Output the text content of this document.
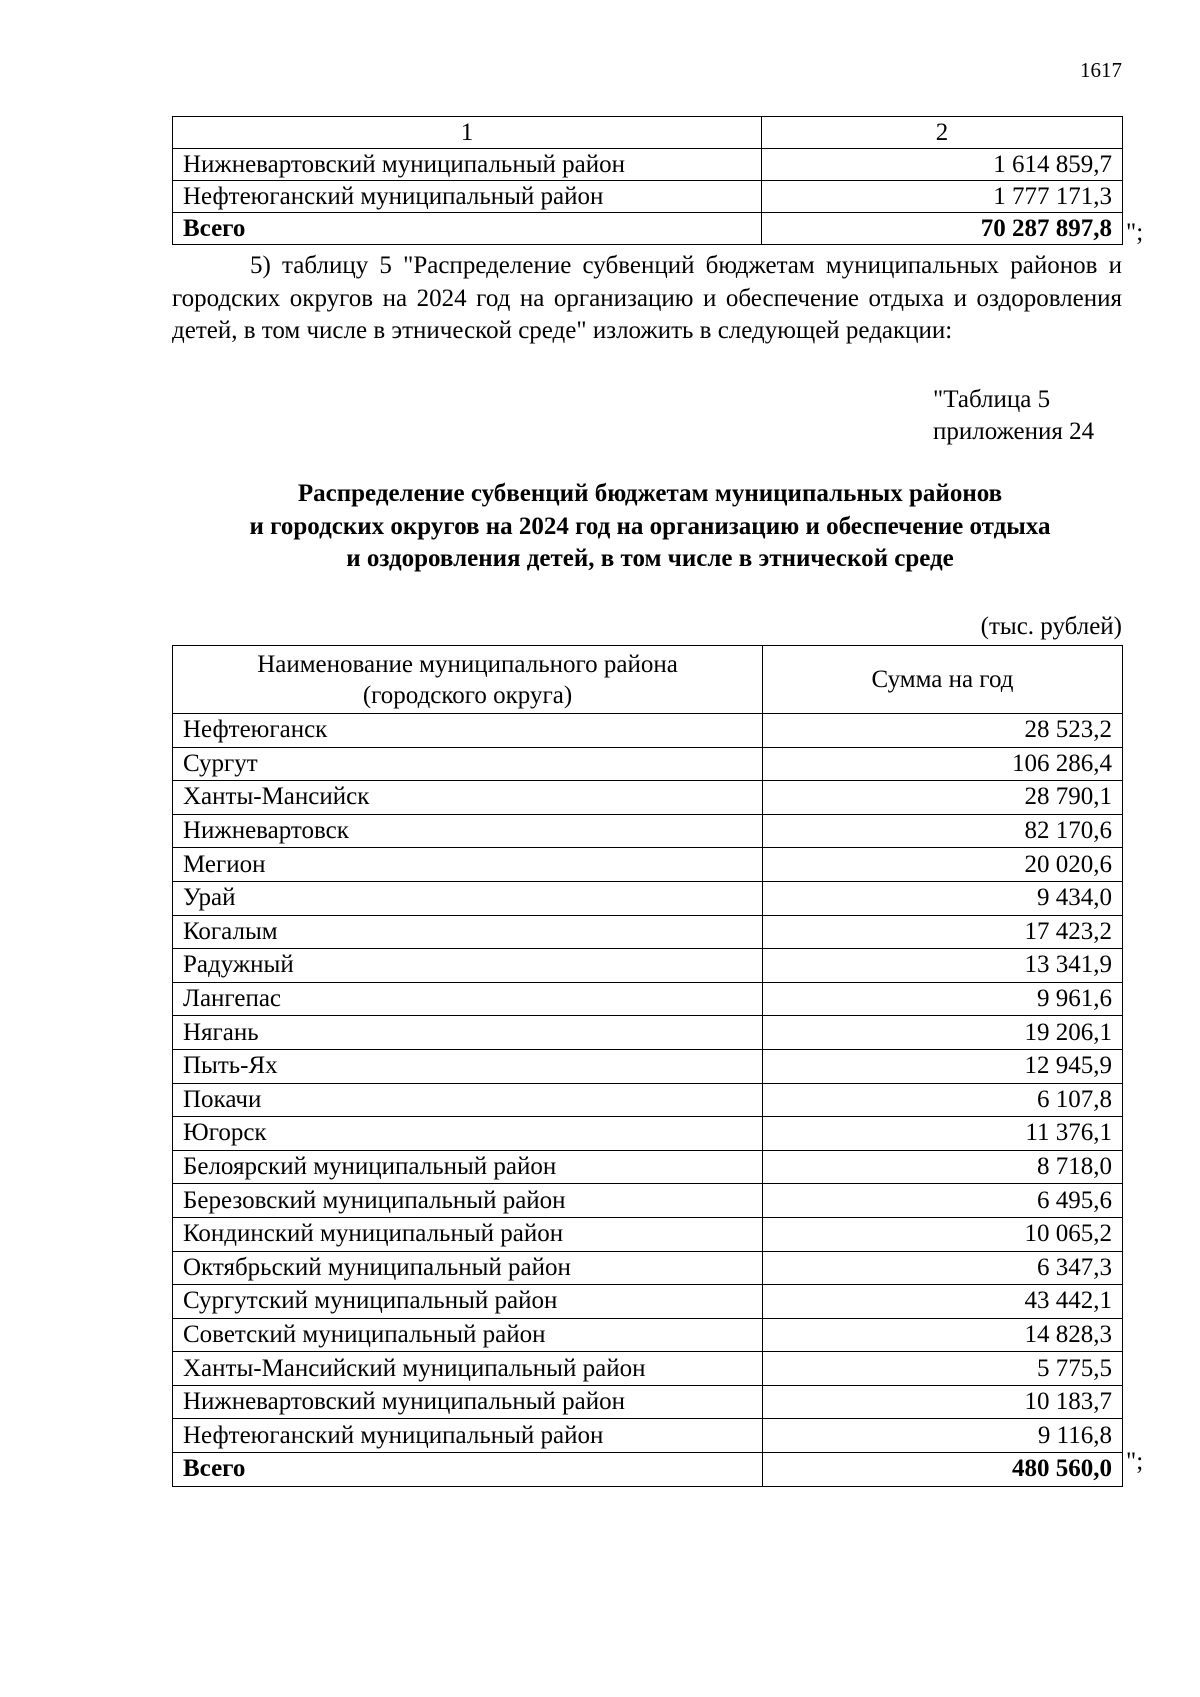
1617
1	2
Нижневартовский муниципальный район	1 614 859,7
Нефтеюганский муниципальный район	1 777 171,3
Всего	70 287 897,8 ";
5) таблицу 5 "Распределение субвенций бюджетам муниципальных районов и городских округов на 2024 год на организацию и обеспечение отдыха и оздоровления детей, в том числе в этнической среде" изложить в следующей редакции:
"Таблица 5
приложения 24
Распределение субвенций бюджетам муниципальных районов
и городских округов на 2024 год на организацию и обеспечение отдыха
и оздоровления детей, в том числе в этнической среде
(тыс. рублей)
Наименование муниципального района
(городского округа)	Сумма на год
Нефтеюганск	28 523,2
Сургут	106 286,4
Ханты-Мансийск	28 790,1
Нижневартовск	82 170,6
Мегион	20 020,6
Урай	9 434,0
Когалым	17 423,2
Радужный	13 341,9
Лангепас	9 961,6
Нягань	19 206,1
Пыть-Ях	12 945,9
Покачи	6 107,8
Югорск	11 376,1
Белоярский муниципальный район	8 718,0
Березовский муниципальный район	6 495,6
Кондинский муниципальный район	10 065,2
Октябрьский муниципальный район	6 347,3
Сургутский муниципальный район	43 442,1
Советский муниципальный район	14 828,3
Ханты-Мансийский муниципальный район	5 775,5
Нижневартовский муниципальный район	10 183,7
Нефтеюганский муниципальный район	9 116,8
Всего	480 560,0 ";
